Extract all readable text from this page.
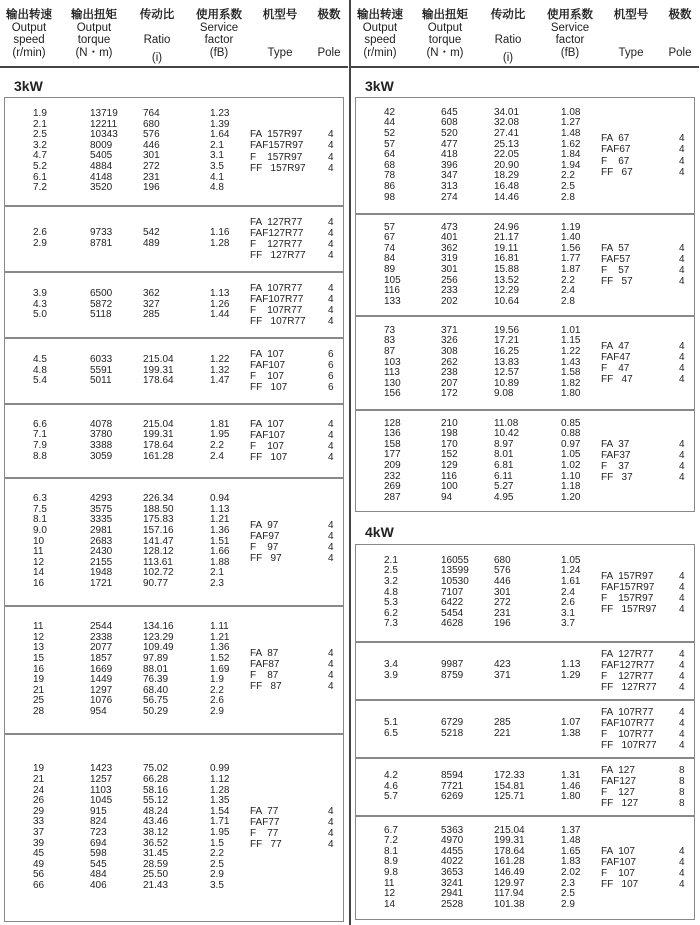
输出转速
Output
speed
(r/min)
输出扭矩
Output
torque
(N・m)
传动比
Ratio
(i)
使用系数
Service
factor
(fB)
机型号
Type
极数
Pole
3kW
1.9
2.1
2.5
3.2
4.7
5.2
6.1
7.2
13719
12211
10343
8009
5405
4884
4148
3520
764
680
576
446
301
272
231
196
1.23
1.39
1.64
2.1
3.1
3.5
4.1
4.8
FA  157R97
FAF157R97
F    157R97
FF   157R97
4
4
4
4
2.6
2.9
9733
8781
542
489
1.16
1.28
FA  127R77
FAF127R77
F    127R77
FF   127R77
4
4
4
4
3.9
4.3
5.0
6500
5872
5118
362
327
285
1.13
1.26
1.44
FA  107R77
FAF107R77
F    107R77
FF   107R77
4
4
4
4
4.5
4.8
5.4
6033
5591
5011
215.04
199.31
178.64
1.22
1.32
1.47
FA  107
FAF107
F    107
FF   107
6
6
6
6
6.6
7.1
7.9
8.8
4078
3780
3388
3059
215.04
199.31
178.64
161.28
1.81
1.95
2.2
2.4
FA  107
FAF107
F    107
FF   107
4
4
4
4
6.3
7.5
8.1
9.0
10
11
12
14
16
4293
3575
3335
2981
2683
2430
2155
1948
1721
226.34
188.50
175.83
157.16
141.47
128.12
113.61
102.72
90.77
0.94
1.13
1.21
1.36
1.51
1.66
1.88
2.1
2.3
FA  97
FAF97
F    97
FF   97
4
4
4
4
11
12
13
15
16
19
21
25
28
2544
2338
2077
1857
1669
1449
1297
1076
954
134.16
123.29
109.49
97.89
88.01
76.39
68.40
56.75
50.29
1.11
1.21
1.36
1.52
1.69
1.9
2.2
2.6
2.9
FA  87
FAF87
F    87
FF   87
4
4
4
4
19
21
24
26
29
33
37
39
45
49
56
66
1423
1257
1103
1045
915
824
723
694
598
545
484
406
75.02
66.28
58.16
55.12
48.24
43.46
38.12
36.52
31.45
28.59
25.50
21.43
0.99
1.12
1.28
1.35
1.54
1.71
1.95
1.5
2.2
2.5
2.9
3.5
FA  77
FAF77
F    77
FF   77
4
4
4
4
输出转速
Output
speed
(r/min)
输出扭矩
Output
torque
(N・m)
传动比
Ratio
(i)
使用系数
Service
factor
(fB)
机型号
Type
极数
Pole
3kW
42
44
52
57
64
68
78
86
98
645
608
520
477
418
396
347
313
274
34.01
32.08
27.41
25.13
22.05
20.90
18.29
16.48
14.46
1.08
1.27
1.48
1.62
1.84
1.94
2.2
2.5
2.8
FA  67
FAF67
F    67
FF   67
4
4
4
4
57
67
74
84
89
105
116
133
473
401
362
319
301
256
233
202
24.96
21.17
19.11
16.81
15.88
13.52
12.29
10.64
1.19
1.40
1.56
1.77
1.87
2.2
2.4
2.8
FA  57
FAF57
F    57
FF   57
4
4
4
4
73
83
87
103
113
130
156
371
326
308
262
238
207
172
19.56
17.21
16.25
13.83
12.57
10.89
9.08
1.01
1.15
1.22
1.43
1.58
1.82
1.80
FA  47
FAF47
F    47
FF   47
4
4
4
4
128
136
158
177
209
232
269
287
210
198
170
152
129
116
100
94
11.08
10.42
8.97
8.01
6.81
6.11
5.27
4.95
0.85
0.88
0.97
1.05
1.02
1.10
1.18
1.20
FA  37
FAF37
F    37
FF   37
4
4
4
4
4kW
2.1
2.5
3.2
4.8
5.3
6.2
7.3
16055
13599
10530
7107
6422
5454
4628
680
576
446
301
272
231
196
1.05
1.24
1.61
2.4
2.6
3.1
3.7
FA  157R97
FAF157R97
F    157R97
FF   157R97
4
4
4
4
3.4
3.9
9987
8759
423
371
1.13
1.29
FA  127R77
FAF127R77
F    127R77
FF   127R77
4
4
4
4
5.1
6.5
6729
5218
285
221
1.07
1.38
FA  107R77
FAF107R77
F    107R77
FF   107R77
4
4
4
4
4.2
4.6
5.7
8594
7721
6269
172.33
154.81
125.71
1.31
1.46
1.80
FA  127
FAF127
F    127
FF   127
8
8
8
8
6.7
7.2
8.1
8.9
9.8
11
12
14
5363
4970
4455
4022
3653
3241
2941
2528
215.04
199.31
178.64
161.28
146.49
129.97
117.94
101.38
1.37
1.48
1.65
1.83
2.02
2.3
2.5
2.9
FA  107
FAF107
F    107
FF   107
4
4
4
4
